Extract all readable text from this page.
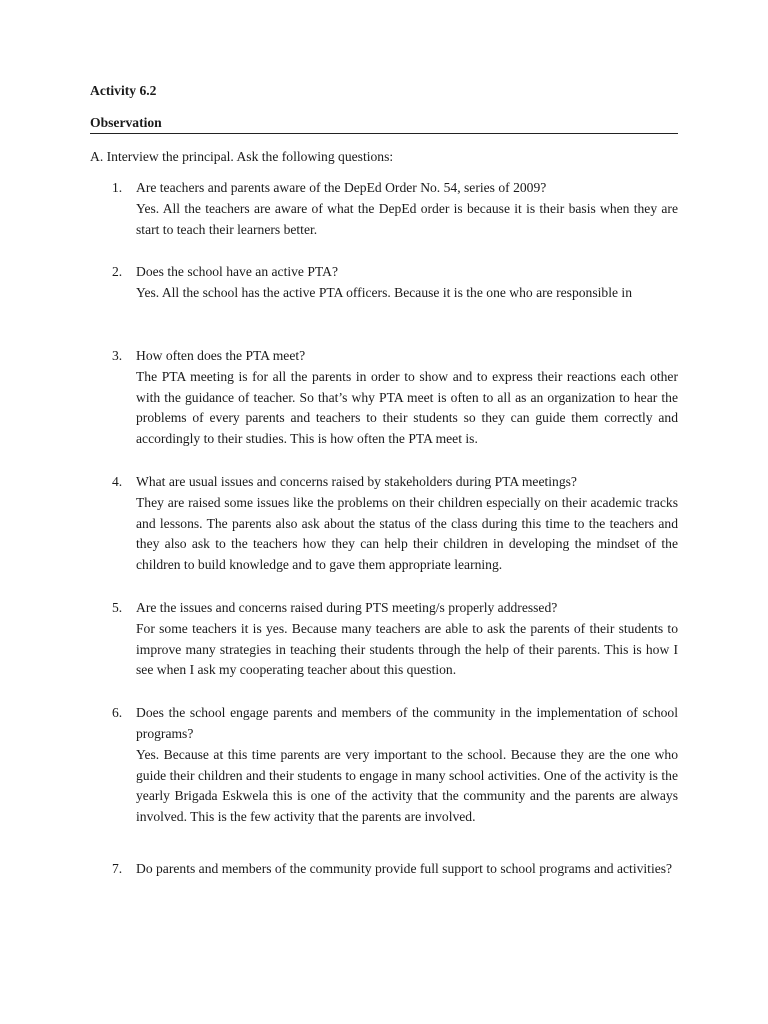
Activity 6.2

Observation

A. Interview the principal. Ask the following questions:

1. Are teachers and parents aware of the DepEd Order No. 54, series of 2009?

Yes. All the teachers are aware of what the DepEd order is because it is their basis when they are start to teach their learners better.

2. Does the school have an active PTA?

Yes. All the school has the active PTA officers. Because it is the one who are responsible in

3. How often does the PTA meet?

The PTA meeting is for all the parents in order to show and to express their reactions each other with the guidance of teacher. So that’s why PTA meet is often to all as an organization to hear the problems of every parents and teachers to their students so they can guide them correctly and accordingly to their studies. This is how often the PTA meet is.

4. What are usual issues and concerns raised by stakeholders during PTA meetings?

They are raised some issues like the problems on their children especially on their academic tracks and lessons. The parents also ask about the status of the class during this time to the teachers and they also ask to the teachers how they can help their children in developing the mindset of the children to build knowledge and to gave them appropriate learning.

5. Are the issues and concerns raised during PTS meeting/s properly addressed?

For some teachers it is yes. Because many teachers are able to ask the parents of their students to improve many strategies in teaching their students through the help of their parents. This is how I see when I ask my cooperating teacher about this question.

6. Does the school engage parents and members of the community in the implementation of school programs?

Yes. Because at this time parents are very important to the school. Because they are the one who guide their children and their students to engage in many school activities. One of the activity is the yearly Brigada Eskwela this is one of the activity that the community and the parents are always involved. This is the few activity that the parents are involved.

7. Do parents and members of the community provide full support to school programs and activities?
